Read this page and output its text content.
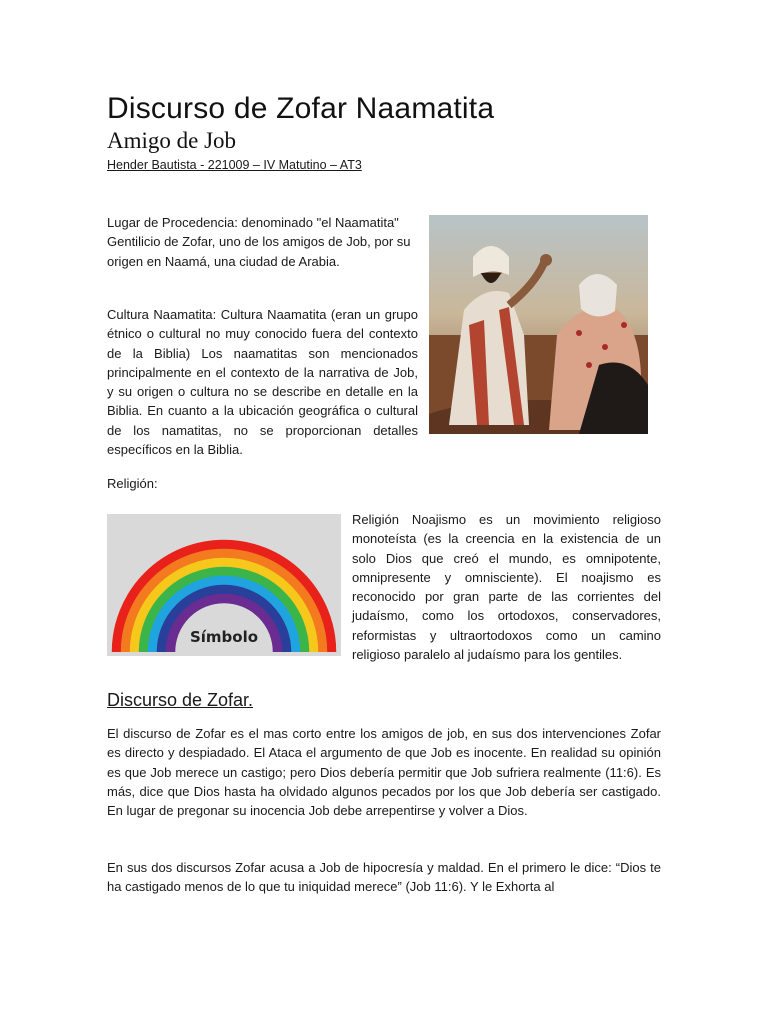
Discurso de Zofar Naamatita
Amigo de Job
Hender Bautista - 221009 – IV Matutino – AT3

Lugar de Procedencia: denominado "el Naamatita" Gentilicio de Zofar, uno de los amigos de Job, por su origen en Naamá, una ciudad de Arabia.

Cultura Naamatita: Cultura Naamatita (eran un grupo étnico o cultural no muy conocido fuera del contexto de la Biblia) Los naamatitas son mencionados principalmente en el contexto de la narrativa de Job, y su origen o cultura no se describe en detalle en la Biblia. En cuanto a la ubicación geográfica o cultural de los namatitas, no se proporcionan detalles específicos en la Biblia.

Religión:

Símbolo

Religión Noajismo es un movimiento religioso monoteísta (es la creencia en la existencia de un solo Dios que creó el mundo, es omnipotente, omnipresente y omnisciente). El noajismo es reconocido por gran parte de las corrientes del judaísmo, como los ortodoxos, conservadores, reformistas y ultraortodoxos como un camino religioso paralelo al judaísmo para los gentiles.

Discurso de Zofar.

El discurso de Zofar es el mas corto entre los amigos de job, en sus dos intervenciones Zofar es directo y despiadado. El Ataca el argumento de que Job es inocente. En realidad su opinión es que Job merece un castigo; pero Dios debería permitir que Job sufriera realmente (11:6). Es más, dice que Dios hasta ha olvidado algunos pecados por los que Job debería ser castigado. En lugar de pregonar su inocencia Job debe arrepentirse y volver a Dios.

En sus dos discursos Zofar acusa a Job de hipocresía y maldad. En el primero le dice: “Dios te ha castigado menos de lo que tu iniquidad merece” (Job 11:6). Y le Exhorta al
